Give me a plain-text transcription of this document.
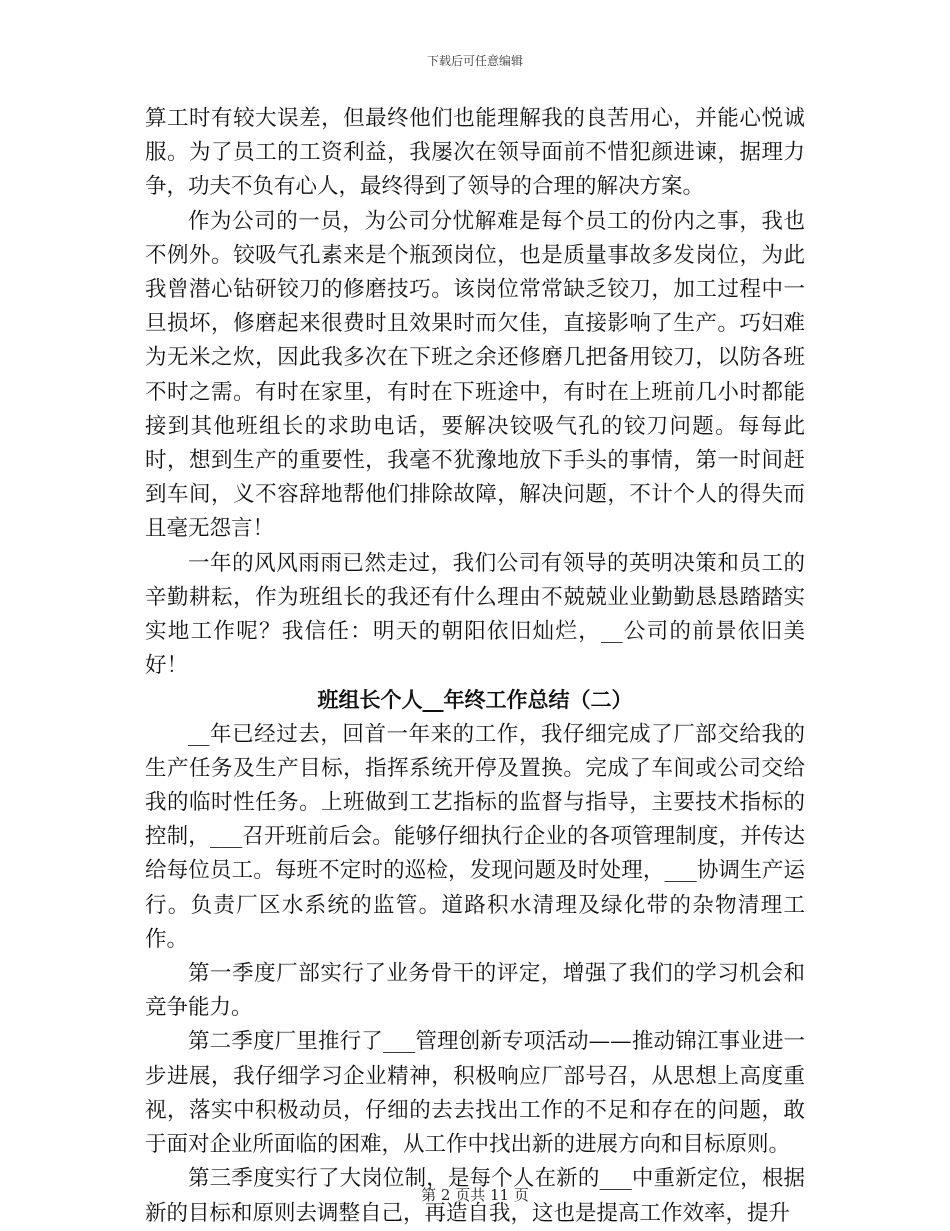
下载后可任意编辑

算工时有较大误差，但最终他们也能理解我的良苦用心，并能心悦诚服。为了员工的工资利益，我屡次在领导面前不惜犯颜进谏，据理力争，功夫不负有心人，最终得到了领导的合理的解决方案。

作为公司的一员，为公司分忧解难是每个员工的份内之事，我也不例外。铰吸气孔素来是个瓶颈岗位，也是质量事故多发岗位，为此我曾潜心钻研铰刀的修磨技巧。该岗位常常缺乏铰刀，加工过程中一旦损坏，修磨起来很费时且效果时而欠佳，直接影响了生产。巧妇难为无米之炊，因此我多次在下班之余还修磨几把备用铰刀，以防各班不时之需。有时在家里，有时在下班途中，有时在上班前几小时都能接到其他班组长的求助电话，要解决铰吸气孔的铰刀问题。每每此时，想到生产的重要性，我毫不犹豫地放下手头的事情，第一时间赶到车间，义不容辞地帮他们排除故障，解决问题，不计个人的得失而且毫无怨言！

一年的风风雨雨已然走过，我们公司有领导的英明决策和员工的辛勤耕耘，作为班组长的我还有什么理由不兢兢业业勤勤恳恳踏踏实实地工作呢？我信任：明天的朝阳依旧灿烂，__公司的前景依旧美好！

班组长个人__年终工作总结（二）

__年已经过去，回首一年来的工作，我仔细完成了厂部交给我的生产任务及生产目标，指挥系统开停及置换。完成了车间或公司交给我的临时性任务。上班做到工艺指标的监督与指导，主要技术指标的控制，___召开班前后会。能够仔细执行企业的各项管理制度，并传达给每位员工。每班不定时的巡检，发现问题及时处理，___协调生产运行。负责厂区水系统的监管。道路积水清理及绿化带的杂物清理工作。

第一季度厂部实行了业务骨干的评定，增强了我们的学习机会和竞争能力。

第二季度厂里推行了___管理创新专项活动——推动锦江事业进一步进展，我仔细学习企业精神，积极响应厂部号召，从思想上高度重视，落实中积极动员，仔细的去去找出工作的不足和存在的问题，敢于面对企业所面临的困难，从工作中找出新的进展方向和目标原则。

第三季度实行了大岗位制，是每个人在新的___中重新定位，根据新的目标和原则去调整自己，再造自我，这也是提高工作效率，提升

第 2 页共 11 页
